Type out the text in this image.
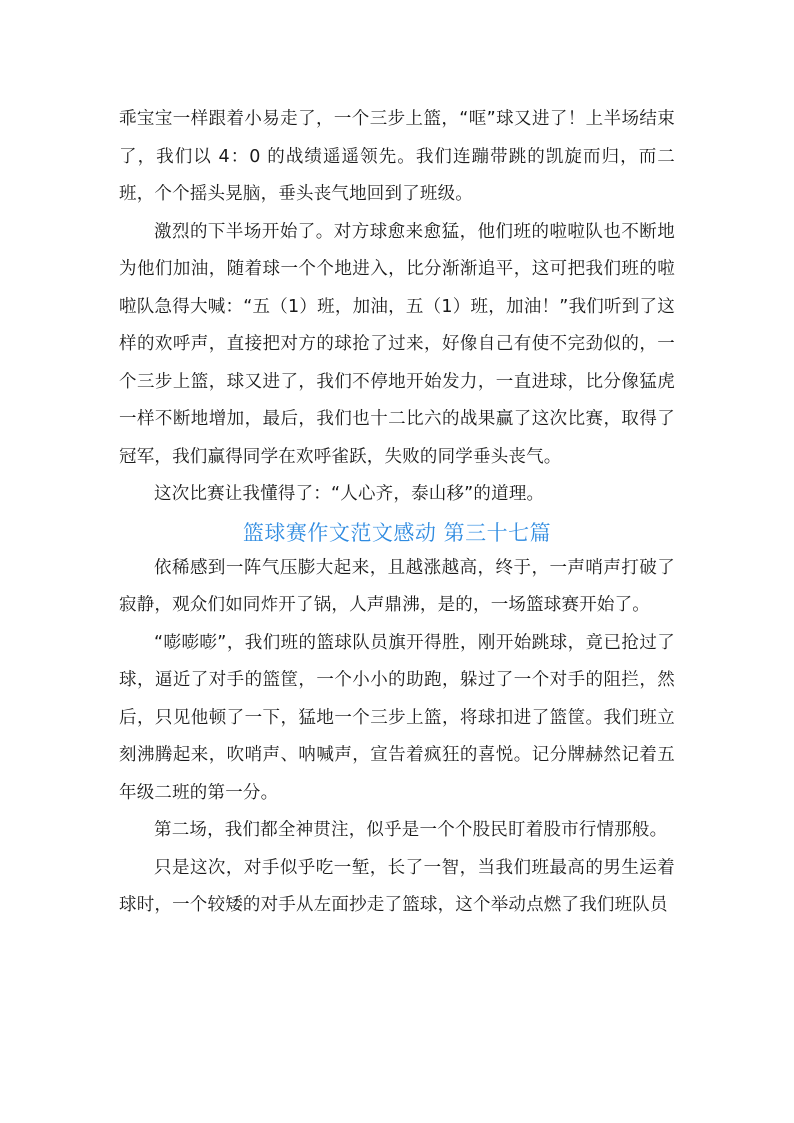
乖宝宝一样跟着小易走了，一个三步上篮，“哐”球又进了！上半场结束了，我们以 4：0 的战绩遥遥领先。我们连蹦带跳的凯旋而归，而二班，个个摇头晃脑，垂头丧气地回到了班级。

激烈的下半场开始了。对方球愈来愈猛，他们班的啦啦队也不断地为他们加油，随着球一个个地进入，比分渐渐追平，这可把我们班的啦啦队急得大喊：“五（1）班，加油，五（1）班，加油！”我们听到了这样的欢呼声，直接把对方的球抢了过来，好像自己有使不完劲似的，一个三步上篮，球又进了，我们不停地开始发力，一直进球，比分像猛虎一样不断地增加，最后，我们也十二比六的战果赢了这次比赛，取得了冠军，我们赢得同学在欢呼雀跃，失败的同学垂头丧气。

这次比赛让我懂得了：“人心齐，泰山移”的道理。

篮球赛作文范文感动 第三十七篇

依稀感到一阵气压膨大起来，且越涨越高，终于，一声哨声打破了寂静，观众们如同炸开了锅，人声鼎沸，是的，一场篮球赛开始了。

“嘭嘭嘭”，我们班的篮球队员旗开得胜，刚开始跳球，竟已抢过了球，逼近了对手的篮筐，一个小小的助跑，躲过了一个对手的阻拦，然后，只见他顿了一下，猛地一个三步上篮，将球扣进了篮筐。我们班立刻沸腾起来，吹哨声、呐喊声，宣告着疯狂的喜悦。记分牌赫然记着五年级二班的第一分。

第二场，我们都全神贯注，似乎是一个个股民盯着股市行情那般。

只是这次，对手似乎吃一堑，长了一智，当我们班最高的男生运着球时，一个较矮的对手从左面抄走了篮球，这个举动点燃了我们班队员
